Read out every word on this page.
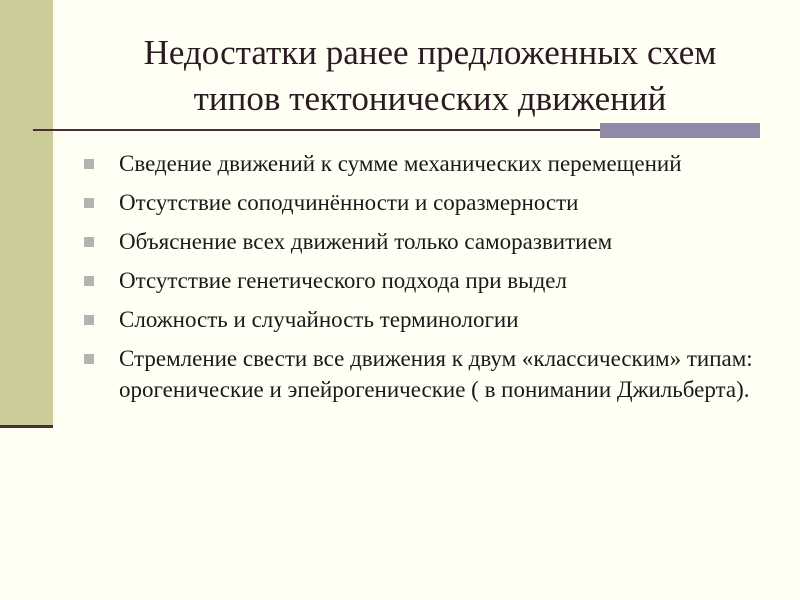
Недостатки ранее предложенных схем
типов тектонических движений
Сведение движений к сумме механических перемещений
Отсутствие соподчинённости и соразмерности
Объяснение всех движений только саморазвитием
Отсутствие генетического подхода при выдел
Сложность и случайность терминологии
Стремление свести все движения к двум «классическим» типам: орогенические и эпейрогенические ( в понимании Джильберта).
